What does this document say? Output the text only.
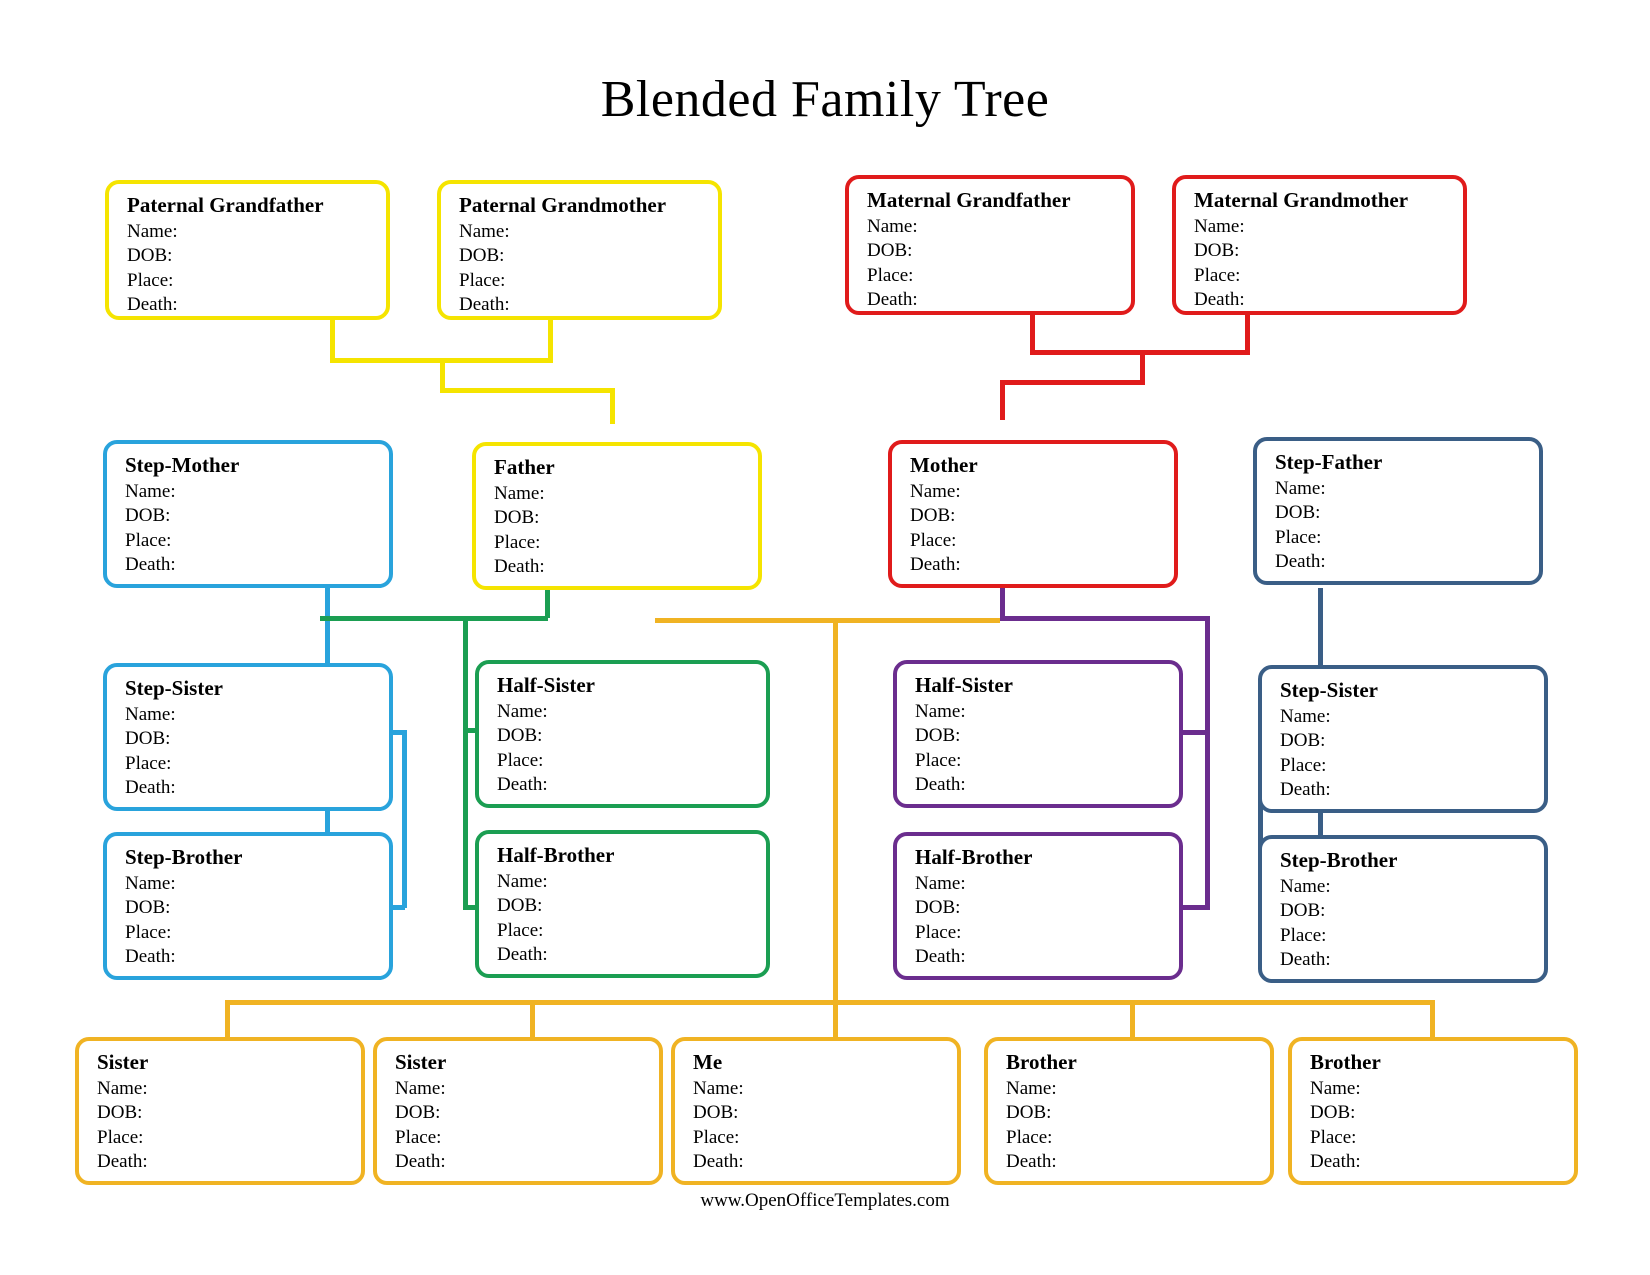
Blended Family Tree
Paternal Grandfather
Name:
DOB:
Place:
Death:
Paternal Grandmother
Name:
DOB:
Place:
Death:
Maternal Grandfather
Name:
DOB:
Place:
Death:
Maternal Grandmother
Name:
DOB:
Place:
Death:
Step-Mother
Name:
DOB:
Place:
Death:
Father
Name:
DOB:
Place:
Death:
Mother
Name:
DOB:
Place:
Death:
Step-Father
Name:
DOB:
Place:
Death:
Step-Sister
Name:
DOB:
Place:
Death:
Half-Sister
Name:
DOB:
Place:
Death:
Half-Sister
Name:
DOB:
Place:
Death:
Step-Sister
Name:
DOB:
Place:
Death:
Step-Brother
Name:
DOB:
Place:
Death:
Half-Brother
Name:
DOB:
Place:
Death:
Half-Brother
Name:
DOB:
Place:
Death:
Step-Brother
Name:
DOB:
Place:
Death:
Sister
Name:
DOB:
Place:
Death:
Sister
Name:
DOB:
Place:
Death:
Me
Name:
DOB:
Place:
Death:
Brother
Name:
DOB:
Place:
Death:
Brother
Name:
DOB:
Place:
Death:
www.OpenOfficeTemplates.com
